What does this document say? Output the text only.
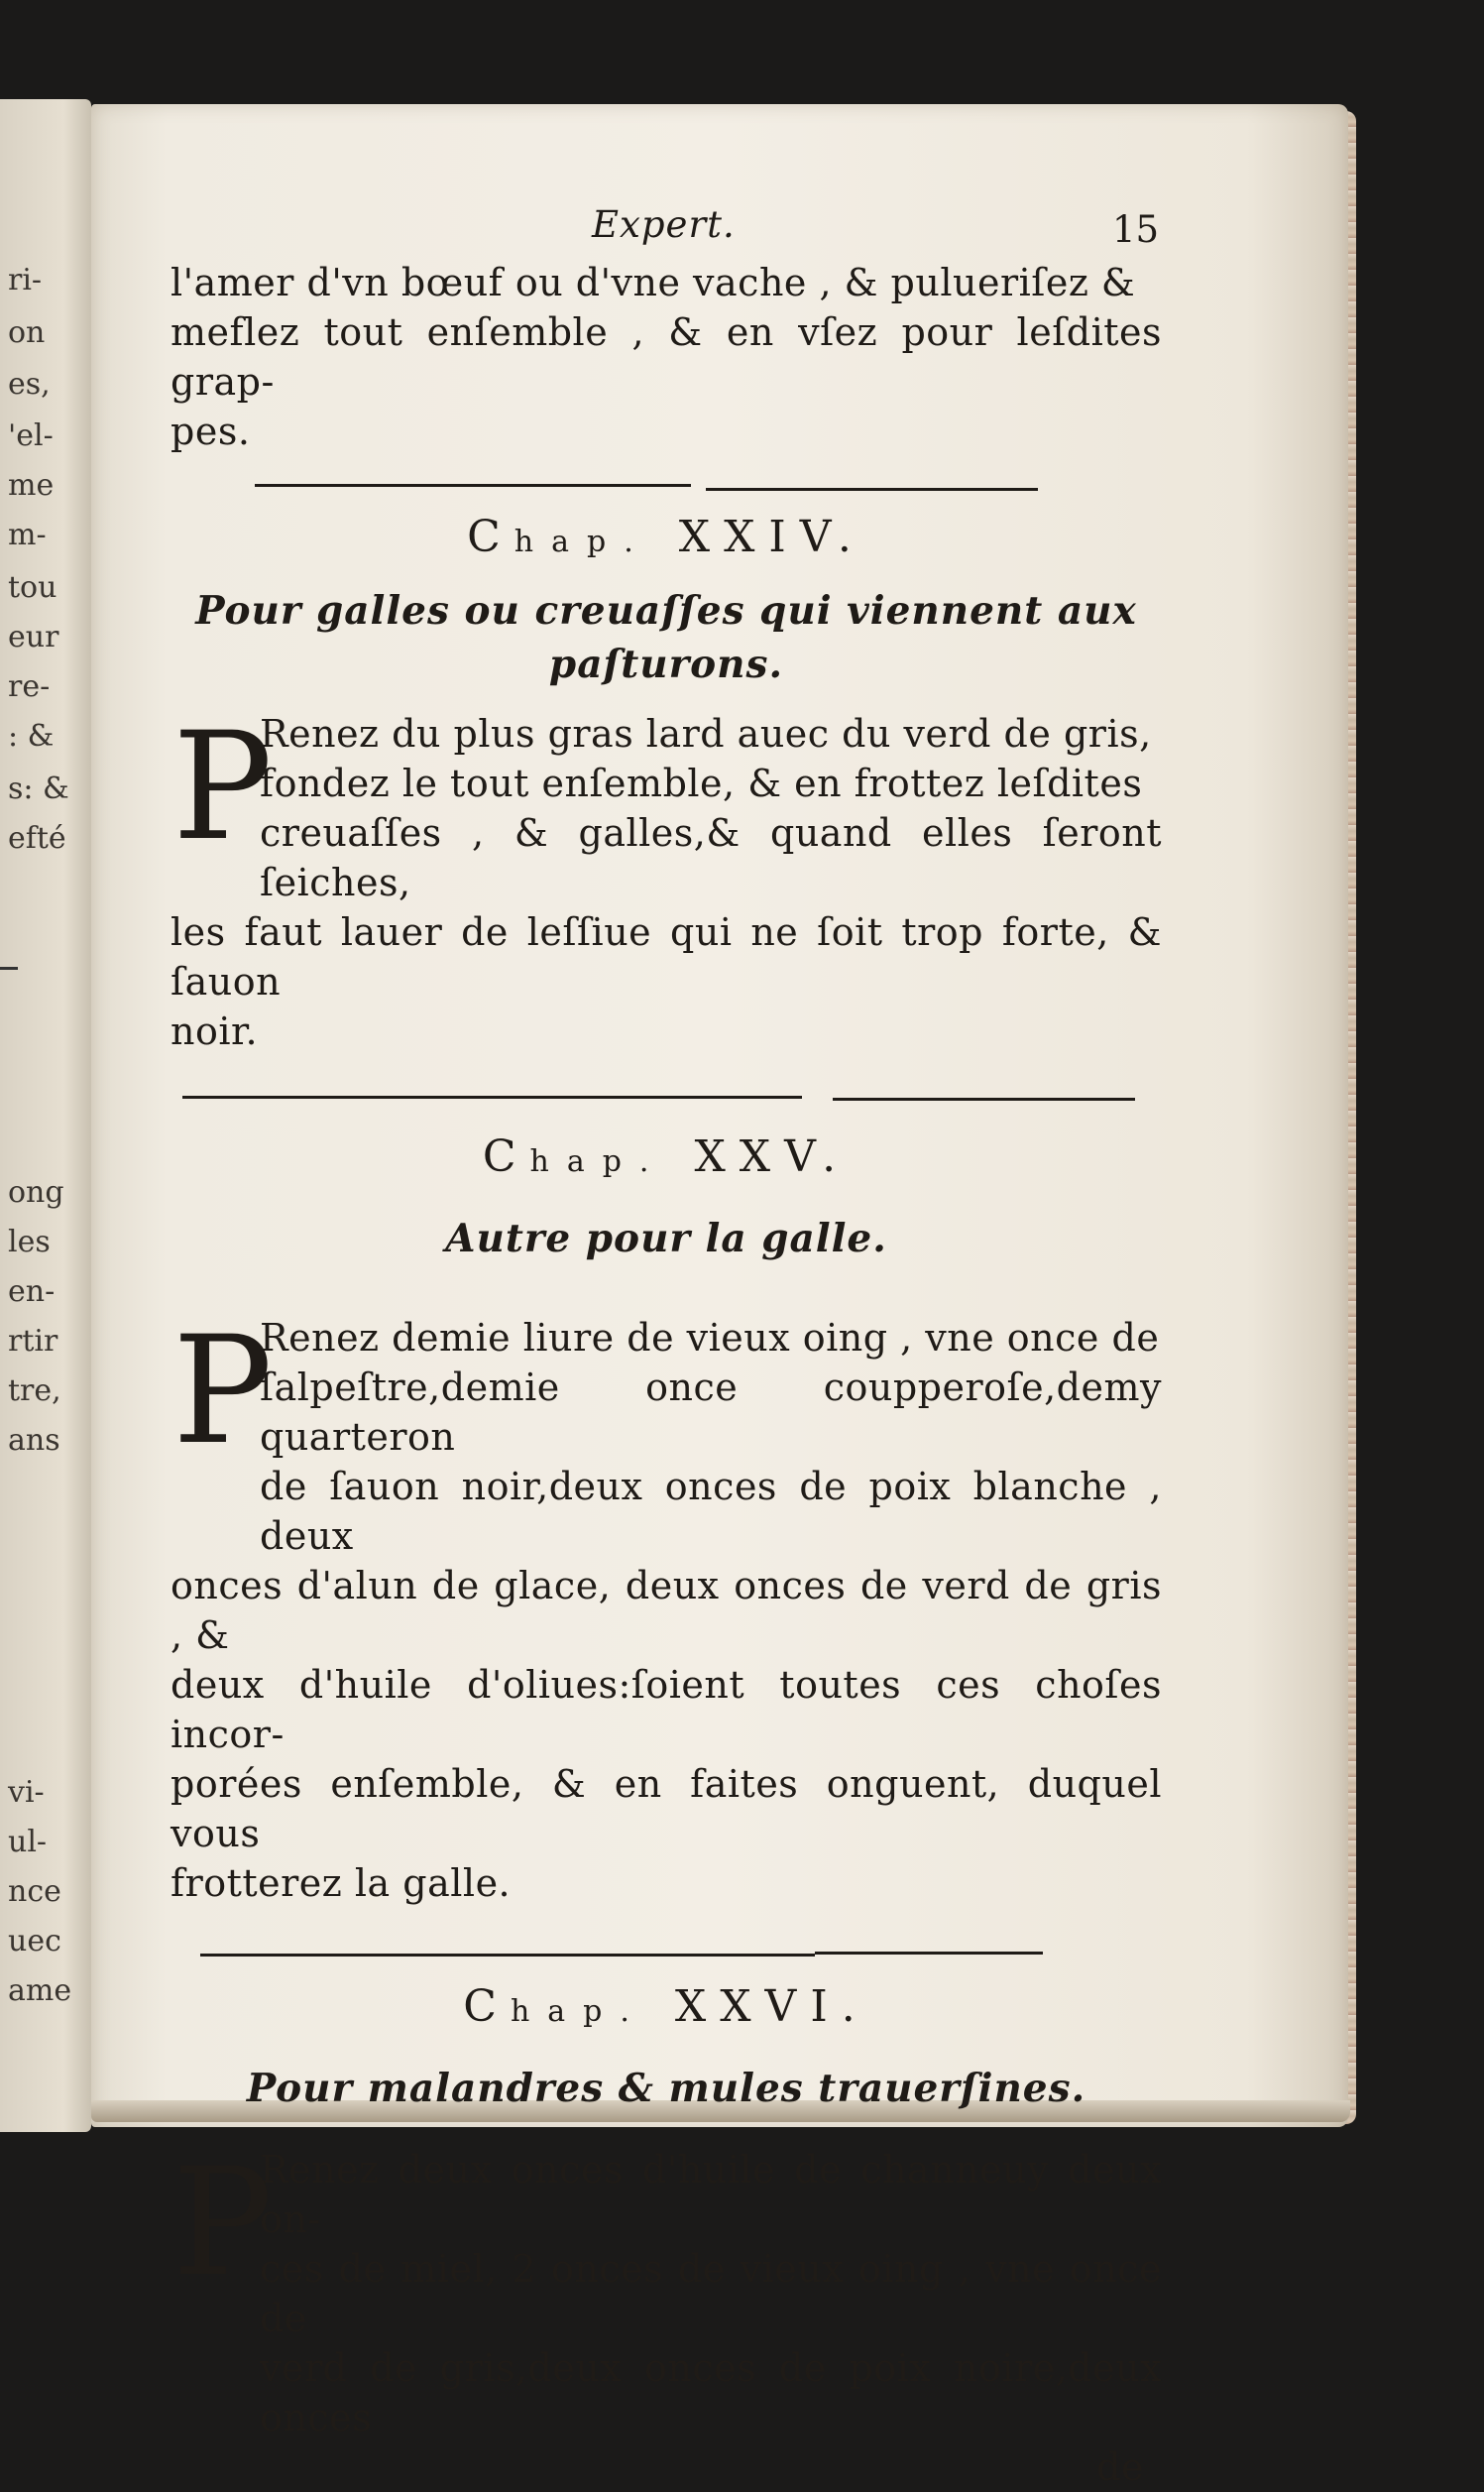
ri-
on
es,
'el-
me
m-
tou
eur
re-
: &
s: &
efté
ong
les
en-
rtir
tre,
ans
vi-
ul-
nce
uec
ame
Expert.	15

l'amer d'vn bœuf ou d'vne vache , & pulueriſez &
meflez tout enſemble , & en vſez pour leſdites grap-
pes.

Chap. XXIV.

Pour galles ou creuaſſes qui viennent aux
paſturons.

P

Renez du plus gras lard auec du verd de gris,
fondez le tout enſemble, & en frottez leſdites
creuaſſes , & galles,& quand elles ſeront ſeiches,
les faut lauer de leſſiue qui ne ſoit trop forte, & ſauon
noir.

Chap. XXV.

Autre pour la galle.

P

Renez demie liure de vieux oing , vne once de
ſalpeſtre,demie once coupperoſe,demy quarteron
de ſauon noir,deux onces de poix blanche , deux
onces d'alun de glace, deux onces de verd de gris , &
deux d'huile d'oliues:ſoient toutes ces choſes incor-
porées enſemble, & en faites onguent, duquel vous
frotterez la galle.

Chap. XXVI.

Pour malandres & mules trauerſines.

P

Renez deux onces d'huile de channeuy deux on-
ces de miel, 2 onces de vieux oing , vne once de
verd de gris,deux onces de poix noire,deux onces
de
